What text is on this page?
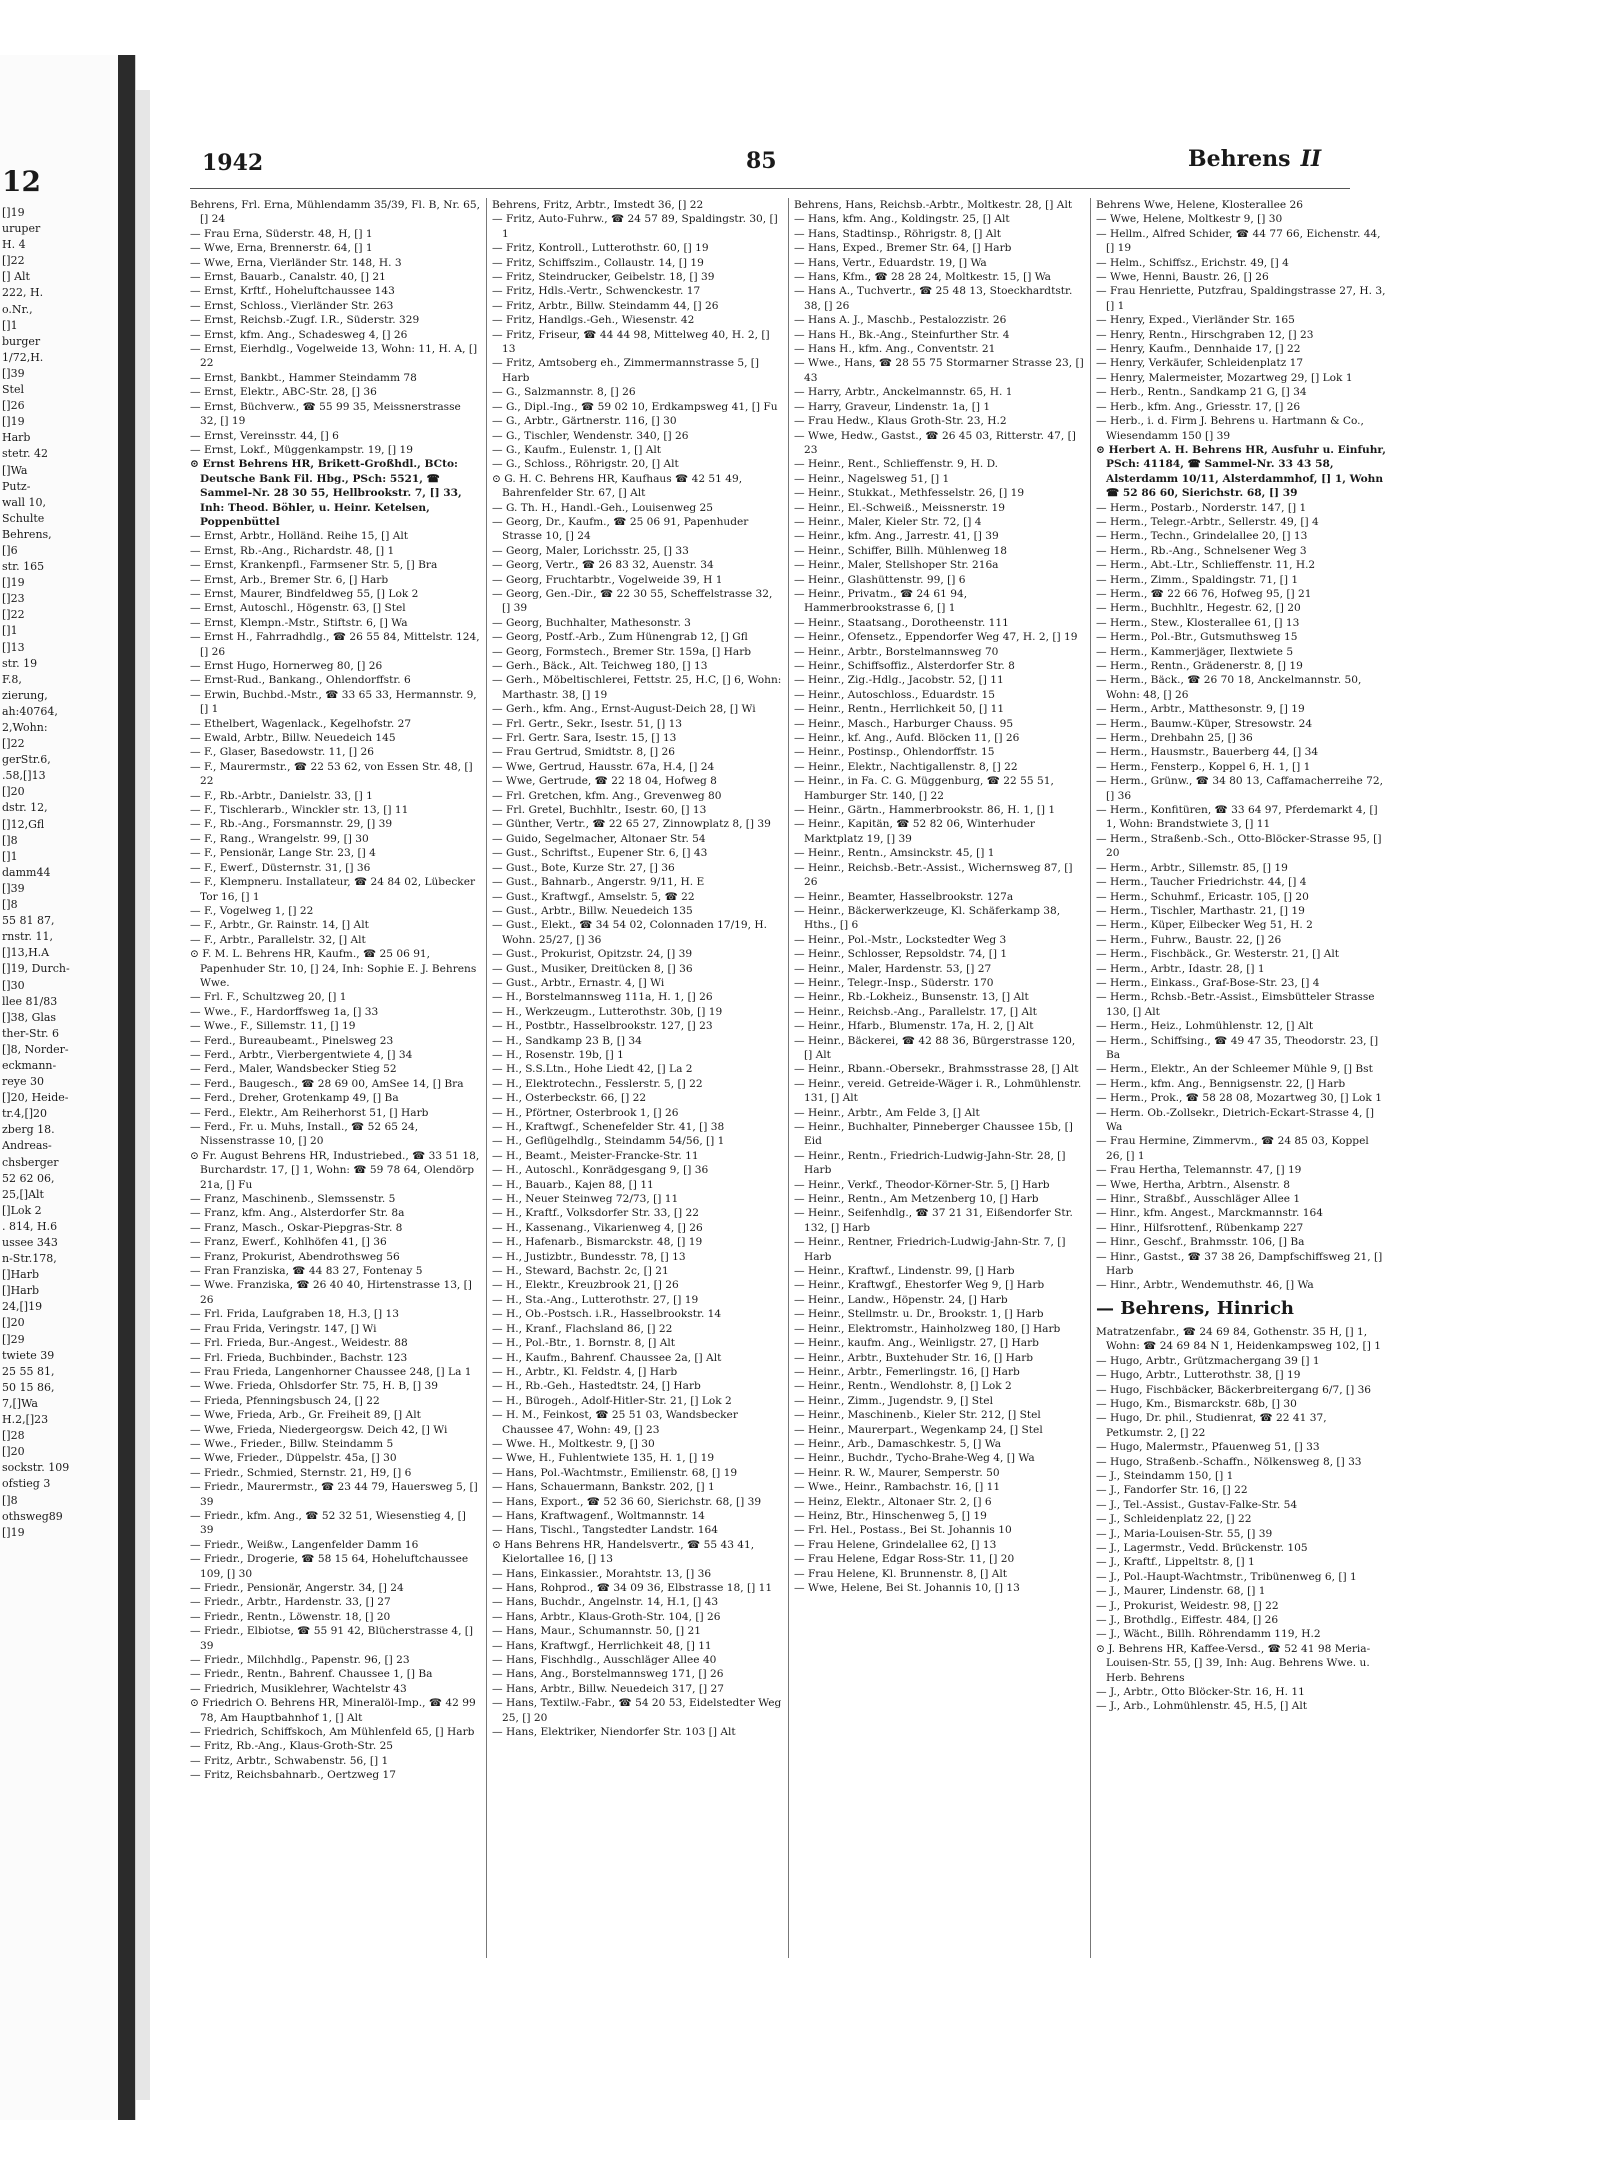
12
[]19
uruper
H. 4
[]22
[] Alt
222, H.
o.Nr.,
[]1
burger
1/72,H.
[]39
Stel
[]26
[]19
Harb
stetr. 42
[]Wa
Putz-
wall 10,
Schulte
Behrens,
[]6
str. 165
[]19
[]23
[]22
[]1
[]13
str. 19
F.8,
zierung,
ah:40764,
2,Wohn:
[]22
gerStr.6,
.58,[]13
[]20
dstr. 12,
[]12,Gfl
[]8
[]1
damm44
[]39
[]8
55 81 87,
rnstr. 11,
[]13,H.A
[]19, Durch-
[]30
llee 81/83
[]38, Glas
ther-Str. 6
[]8, Norder-
eckmann-
reye 30
[]20, Heide-
tr.4,[]20
zberg 18.
Andreas-
chsberger
52 62 06,
25,[]Alt
[]Lok 2
. 814, H.6
ussee 343
n-Str.178,
[]Harb
[]Harb
24,[]19
[]20
[]29
twiete 39
25 55 81,
50 15 86,
7,[]Wa
H.2,[]23
[]28
[]20
sockstr. 109
ofstieg 3
[]8
othsweg89
[]19
1942	85	Behrens II
Behrens, Frl. Erna, Mühlendamm 35/39, Fl. B, Nr. 65, [] 24
— Frau Erna, Süderstr. 48, H, [] 1
— Wwe, Erna, Brennerstr. 64, [] 1
— Wwe, Erna, Vierländer Str. 148, H. 3
— Ernst, Bauarb., Canalstr. 40, [] 21
— Ernst, Krftf., Hoheluftchaussee 143
— Ernst, Schloss., Vierländer Str. 263
— Ernst, Reichsb.-Zugf. I.R., Süderstr. 329
— Ernst, kfm. Ang., Schadesweg 4, [] 26
— Ernst, Eierhdlg., Vogelweide 13, Wohn: 11, H. A, [] 22
— Ernst, Bankbt., Hammer Steindamm 78
— Ernst, Elektr., ABC-Str. 28, [] 36
— Ernst, Büchverw., ☎ 55 99 35, Meissnerstrasse 32, [] 19
— Ernst, Vereinsstr. 44, [] 6
— Ernst, Lokf., Müggenkampstr. 19, [] 19
⊙ Ernst Behrens HR, Brikett-Großhdl., BCto: Deutsche Bank Fil. Hbg., PSch: 5521, ☎ Sammel-Nr. 28 30 55, Hellbrookstr. 7, [] 33, Inh: Theod. Böhler, u. Heinr. Ketelsen, Poppenbüttel
— Ernst, Arbtr., Holländ. Reihe 15, [] Alt
— Ernst, Rb.-Ang., Richardstr. 48, [] 1
— Ernst, Krankenpfl., Farmsener Str. 5, [] Bra
— Ernst, Arb., Bremer Str. 6, [] Harb
— Ernst, Maurer, Bindfeldweg 55, [] Lok 2
— Ernst, Autoschl., Högenstr. 63, [] Stel
— Ernst, Klempn.-Mstr., Stiftstr. 6, [] Wa
— Ernst H., Fahrradhdlg., ☎ 26 55 84, Mittelstr. 124, [] 26
— Ernst Hugo, Hornerweg 80, [] 26
— Ernst-Rud., Bankang., Ohlendorffstr. 6
— Erwin, Buchbd.-Mstr., ☎ 33 65 33, Hermannstr. 9, [] 1
— Ethelbert, Wagenlack., Kegelhofstr. 27
— Ewald, Arbtr., Billw. Neuedeich 145
— F., Glaser, Basedowstr. 11, [] 26
— F., Maurermstr., ☎ 22 53 62, von Essen Str. 48, [] 22
— F., Rb.-Arbtr., Danielstr. 33, [] 1
— F., Tischlerarb., Winckler str. 13, [] 11
— F., Rb.-Ang., Forsmannstr. 29, [] 39
— F., Rang., Wrangelstr. 99, [] 30
— F., Pensionär, Lange Str. 23, [] 4
— F., Ewerf., Düsternstr. 31, [] 36
— F., Klempneru. Installateur, ☎ 24 84 02, Lübecker Tor 16, [] 1
— F., Vogelweg 1, [] 22
— F., Arbtr., Gr. Rainstr. 14, [] Alt
— F., Arbtr., Parallelstr. 32, [] Alt
⊙ F. M. L. Behrens HR, Kaufm., ☎ 25 06 91, Papenhuder Str. 10, [] 24, Inh: Sophie E. J. Behrens Wwe.
— Frl. F., Schultzweg 20, [] 1
— Wwe., F., Hardorffsweg 1a, [] 33
— Wwe., F., Sillemstr. 11, [] 19
— Ferd., Bureaubeamt., Pinelsweg 23
— Ferd., Arbtr., Vierbergentwiete 4, [] 34
— Ferd., Maler, Wandsbecker Stieg 52
— Ferd., Baugesch., ☎ 28 69 00, AmSee 14, [] Bra
— Ferd., Dreher, Grotenkamp 49, [] Ba
— Ferd., Elektr., Am Reiherhorst 51, [] Harb
— Ferd., Fr. u. Muhs, Install., ☎ 52 65 24, Nissenstrasse 10, [] 20
⊙ Fr. August Behrens HR, Industriebed., ☎ 33 51 18, Burchardstr. 17, [] 1, Wohn: ☎ 59 78 64, Olendörp 21a, [] Fu
— Franz, Maschinenb., Slemssenstr. 5
— Franz, kfm. Ang., Alsterdorfer Str. 8a
— Franz, Masch., Oskar-Piepgras-Str. 8
— Franz, Ewerf., Kohlhöfen 41, [] 36
— Franz, Prokurist, Abendrothsweg 56
— Fran Franziska, ☎ 44 83 27, Fontenay 5
— Wwe. Franziska, ☎ 26 40 40, Hirtenstrasse 13, [] 26
— Frl. Frida, Laufgraben 18, H.3, [] 13
— Frau Frida, Veringstr. 147, [] Wi
— Frl. Frieda, Bur.-Angest., Weidestr. 88
— Frl. Frieda, Buchbinder., Bachstr. 123
— Frau Frieda, Langenhorner Chaussee 248, [] La 1
— Wwe. Frieda, Ohlsdorfer Str. 75, H. B, [] 39
— Frieda, Pfenningsbusch 24, [] 22
— Wwe, Frieda, Arb., Gr. Freiheit 89, [] Alt
— Wwe, Frieda, Niedergeorgsw. Deich 42, [] Wi
— Wwe., Frieder., Billw. Steindamm 5
— Wwe, Frieder., Düppelstr. 45a, [] 30
— Friedr., Schmied, Sternstr. 21, H9, [] 6
— Friedr., Maurermstr., ☎ 23 44 79, Hauersweg 5, [] 39
— Friedr., kfm. Ang., ☎ 52 32 51, Wiesenstieg 4, [] 39
— Friedr., Weißw., Langenfelder Damm 16
— Friedr., Drogerie, ☎ 58 15 64, Hoheluftchaussee 109, [] 30
— Friedr., Pensionär, Angerstr. 34, [] 24
— Friedr., Arbtr., Hardenstr. 33, [] 27
— Friedr., Rentn., Löwenstr. 18, [] 20
— Friedr., Elbiotse, ☎ 55 91 42, Blücherstrasse 4, [] 39
— Friedr., Milchhdlg., Papenstr. 96, [] 23
— Friedr., Rentn., Bahrenf. Chaussee 1, [] Ba
— Friedrich, Musiklehrer, Wachtelstr 43
⊙ Friedrich O. Behrens HR, Mineralöl-Imp., ☎ 42 99 78, Am Hauptbahnhof 1, [] Alt
— Friedrich, Schiffskoch, Am Mühlenfeld 65, [] Harb
— Fritz, Rb.-Ang., Klaus-Groth-Str. 25
— Fritz, Arbtr., Schwabenstr. 56, [] 1
— Fritz, Reichsbahnarb., Oertzweg 17
Behrens, Fritz, Arbtr., Imstedt 36, [] 22
— Fritz, Auto-Fuhrw., ☎ 24 57 89, Spaldingstr. 30, [] 1
— Fritz, Kontroll., Lutterothstr. 60, [] 19
— Fritz, Schiffszim., Collaustr. 14, [] 19
— Fritz, Steindrucker, Geibelstr. 18, [] 39
— Fritz, Hdls.-Vertr., Schwenckestr. 17
— Fritz, Arbtr., Billw. Steindamm 44, [] 26
— Fritz, Handlgs.-Geh., Wiesenstr. 42
— Fritz, Friseur, ☎ 44 44 98, Mittelweg 40, H. 2, [] 13
— Fritz, Amtsoberg eh., Zimmermannstrasse 5, [] Harb
— G., Salzmannstr. 8, [] 26
— G., Dipl.-Ing., ☎ 59 02 10, Erdkampsweg 41, [] Fu
— G., Arbtr., Gärtnerstr. 116, [] 30
— G., Tischler, Wendenstr. 340, [] 26
— G., Kaufm., Eulenstr. 1, [] Alt
— G., Schloss., Röhrigstr. 20, [] Alt
⊙ G. H. C. Behrens HR, Kaufhaus ☎ 42 51 49, Bahrenfelder Str. 67, [] Alt
— G. Th. H., Handl.-Geh., Louisenweg 25
— Georg, Dr., Kaufm., ☎ 25 06 91, Papenhuder Strasse 10, [] 24
— Georg, Maler, Lorichsstr. 25, [] 33
— Georg, Vertr., ☎ 26 83 32, Auenstr. 34
— Georg, Fruchtarbtr., Vogelweide 39, H 1
— Georg, Gen.-Dir., ☎ 22 30 55, Scheffelstrasse 32, [] 39
— Georg, Buchhalter, Mathesonstr. 3
— Georg, Postf.-Arb., Zum Hünengrab 12, [] Gfl
— Georg, Formstech., Bremer Str. 159a, [] Harb
— Gerh., Bäck., Alt. Teichweg 180, [] 13
— Gerh., Möbeltischlerei, Fettstr. 25, H.C, [] 6, Wohn: Marthastr. 38, [] 19
— Gerh., kfm. Ang., Ernst-August-Deich 28, [] Wi
— Frl. Gertr., Sekr., Isestr. 51, [] 13
— Frl. Gertr. Sara, Isestr. 15, [] 13
— Frau Gertrud, Smidtstr. 8, [] 26
— Wwe, Gertrud, Hausstr. 67a, H.4, [] 24
— Wwe, Gertrude, ☎ 22 18 04, Hofweg 8
— Frl. Gretchen, kfm. Ang., Grevenweg 80
— Frl. Gretel, Buchhltr., Isestr. 60, [] 13
— Günther, Vertr., ☎ 22 65 27, Zinnowplatz 8, [] 39
— Guido, Segelmacher, Altonaer Str. 54
— Gust., Schriftst., Eupener Str. 6, [] 43
— Gust., Bote, Kurze Str. 27, [] 36
— Gust., Bahnarb., Angerstr. 9/11, H. E
— Gust., Kraftwgf., Amselstr. 5, ☎ 22
— Gust., Arbtr., Billw. Neuedeich 135
— Gust., Elekt., ☎ 34 54 02, Colonnaden 17/19, H. Wohn. 25/27, [] 36
— Gust., Prokurist, Opitzstr. 24, [] 39
— Gust., Musiker, Dreitücken 8, [] 36
— Gust., Arbtr., Ernastr. 4, [] Wi
— H., Borstelmannsweg 111a, H. 1, [] 26
— H., Werkzeugm., Lutterothstr. 30b, [] 19
— H., Postbtr., Hasselbrookstr. 127, [] 23
— H., Sandkamp 23 B, [] 34
— H., Rosenstr. 19b, [] 1
— H., S.S.Ltn., Hohe Liedt 42, [] La 2
— H., Elektrotechn., Fesslerstr. 5, [] 22
— H., Osterbeckstr. 66, [] 22
— H., Pförtner, Osterbrook 1, [] 26
— H., Kraftwgf., Schenefelder Str. 41, [] 38
— H., Geflügelhdlg., Steindamm 54/56, [] 1
— H., Beamt., Meister-Francke-Str. 11
— H., Autoschl., Konrädgesgang 9, [] 36
— H., Bauarb., Kajen 88, [] 11
— H., Neuer Steinweg 72/73, [] 11
— H., Kraftf., Volksdorfer Str. 33, [] 22
— H., Kassenang., Vikarienweg 4, [] 26
— H., Hafenarb., Bismarckstr. 48, [] 19
— H., Justizbtr., Bundesstr. 78, [] 13
— H., Steward, Bachstr. 2c, [] 21
— H., Elektr., Kreuzbrook 21, [] 26
— H., Sta.-Ang., Lutterothstr. 27, [] 19
— H., Ob.-Postsch. i.R., Hasselbrookstr. 14
— H., Kranf., Flachsland 86, [] 22
— H., Pol.-Btr., 1. Bornstr. 8, [] Alt
— H., Kaufm., Bahrenf. Chaussee 2a, [] Alt
— H., Arbtr., Kl. Feldstr. 4, [] Harb
— H., Rb.-Geh., Hastedtstr. 24, [] Harb
— H., Bürogeh., Adolf-Hitler-Str. 21, [] Lok 2
— H. M., Feinkost, ☎ 25 51 03, Wandsbecker Chaussee 47, Wohn: 49, [] 23
— Wwe. H., Moltkestr. 9, [] 30
— Wwe, H., Fuhlentwiete 135, H. 1, [] 19
— Hans, Pol.-Wachtmstr., Emilienstr. 68, [] 19
— Hans, Schauermann, Bankstr. 202, [] 1
— Hans, Export., ☎ 52 36 60, Sierichstr. 68, [] 39
— Hans, Kraftwagenf., Woltmannstr. 14
— Hans, Tischl., Tangstedter Landstr. 164
⊙ Hans Behrens HR, Handelsvertr., ☎ 55 43 41, Kielortallee 16, [] 13
— Hans, Einkassier., Morahtstr. 13, [] 36
— Hans, Rohprod., ☎ 34 09 36, Elbstrasse 18, [] 11
— Hans, Buchdr., Angelnstr. 14, H.1, [] 43
— Hans, Arbtr., Klaus-Groth-Str. 104, [] 26
— Hans, Maur., Schumannstr. 50, [] 21
— Hans, Kraftwgf., Herrlichkeit 48, [] 11
— Hans, Fischhdlg., Ausschläger Allee 40
— Hans, Ang., Borstelmannsweg 171, [] 26
— Hans, Arbtr., Billw. Neuedeich 317, [] 27
— Hans, Textilw.-Fabr., ☎ 54 20 53, Eidelstedter Weg 25, [] 20
— Hans, Elektriker, Niendorfer Str. 103 [] Alt
Behrens, Hans, Reichsb.-Arbtr., Moltkestr. 28, [] Alt
— Hans, kfm. Ang., Koldingstr. 25, [] Alt
— Hans, Stadtinsp., Röhrigstr. 8, [] Alt
— Hans, Exped., Bremer Str. 64, [] Harb
— Hans, Vertr., Eduardstr. 19, [] Wa
— Hans, Kfm., ☎ 28 28 24, Moltkestr. 15, [] Wa
— Hans A., Tuchvertr., ☎ 25 48 13, Stoeckhardtstr. 38, [] 26
— Hans A. J., Maschb., Pestalozzistr. 26
— Hans H., Bk.-Ang., Steinfurther Str. 4
— Hans H., kfm. Ang., Conventstr. 21
— Wwe., Hans, ☎ 28 55 75 Stormarner Strasse 23, [] 43
— Harry, Arbtr., Anckelmannstr. 65, H. 1
— Harry, Graveur, Lindenstr. 1a, [] 1
— Frau Hedw., Klaus Groth-Str. 23, H.2
— Wwe, Hedw., Gastst., ☎ 26 45 03, Ritterstr. 47, [] 23
— Heinr., Rent., Schlieffenstr. 9, H. D.
— Heinr., Nagelsweg 51, [] 1
— Heinr., Stukkat., Methfesselstr. 26, [] 19
— Heinr., El.-Schweiß., Meissnerstr. 19
— Heinr., Maler, Kieler Str. 72, [] 4
— Heinr., kfm. Ang., Jarrestr. 41, [] 39
— Heinr., Schiffer, Billh. Mühlenweg 18
— Heinr., Maler, Stellshoper Str. 216a
— Heinr., Glashüttenstr. 99, [] 6
— Heinr., Privatm., ☎ 24 61 94, Hammerbrookstrasse 6, [] 1
— Heinr., Staatsang., Dorotheenstr. 111
— Heinr., Ofensetz., Eppendorfer Weg 47, H. 2, [] 19
— Heinr., Arbtr., Borstelmannsweg 70
— Heinr., Schiffsoffiz., Alsterdorfer Str. 8
— Heinr., Zig.-Hdlg., Jacobstr. 52, [] 11
— Heinr., Autoschloss., Eduardstr. 15
— Heinr., Rentn., Herrlichkeit 50, [] 11
— Heinr., Masch., Harburger Chauss. 95
— Heinr., kf. Ang., Aufd. Blöcken 11, [] 26
— Heinr., Postinsp., Ohlendorffstr. 15
— Heinr., Elektr., Nachtigallenstr. 8, [] 22
— Heinr., in Fa. C. G. Müggenburg, ☎ 22 55 51, Hamburger Str. 140, [] 22
— Heinr., Gärtn., Hammerbrookstr. 86, H. 1, [] 1
— Heinr., Kapitän, ☎ 52 82 06, Winterhuder Marktplatz 19, [] 39
— Heinr., Rentn., Amsinckstr. 45, [] 1
— Heinr., Reichsb.-Betr.-Assist., Wichernsweg 87, [] 26
— Heinr., Beamter, Hasselbrookstr. 127a
— Heinr., Bäckerwerkzeuge, Kl. Schäferkamp 38, Hths., [] 6
— Heinr., Pol.-Mstr., Lockstedter Weg 3
— Heinr., Schlosser, Repsoldstr. 74, [] 1
— Heinr., Maler, Hardenstr. 53, [] 27
— Heinr., Telegr.-Insp., Süderstr. 170
— Heinr., Rb.-Lokheiz., Bunsenstr. 13, [] Alt
— Heinr., Reichsb.-Ang., Parallelstr. 17, [] Alt
— Heinr., Hfarb., Blumenstr. 17a, H. 2, [] Alt
— Heinr., Bäckerei, ☎ 42 88 36, Bürgerstrasse 120, [] Alt
— Heinr., Rbann.-Obersekr., Brahmsstrasse 28, [] Alt
— Heinr., vereid. Getreide-Wäger i. R., Lohmühlenstr. 131, [] Alt
— Heinr., Arbtr., Am Felde 3, [] Alt
— Heinr., Buchhalter, Pinneberger Chaussee 15b, [] Eid
— Heinr., Rentn., Friedrich-Ludwig-Jahn-Str. 28, [] Harb
— Heinr., Verkf., Theodor-Körner-Str. 5, [] Harb
— Heinr., Rentn., Am Metzenberg 10, [] Harb
— Heinr., Seifenhdlg., ☎ 37 21 31, Eißendorfer Str. 132, [] Harb
— Heinr., Rentner, Friedrich-Ludwig-Jahn-Str. 7, [] Harb
— Heinr., Kraftwf., Lindenstr. 99, [] Harb
— Heinr., Kraftwgf., Ehestorfer Weg 9, [] Harb
— Heinr., Landw., Höpenstr. 24, [] Harb
— Heinr., Stellmstr. u. Dr., Brookstr. 1, [] Harb
— Heinr., Elektromstr., Hainholzweg 180, [] Harb
— Heinr., kaufm. Ang., Weinligstr. 27, [] Harb
— Heinr., Arbtr., Buxtehuder Str. 16, [] Harb
— Heinr., Arbtr., Femerlingstr. 16, [] Harb
— Heinr., Rentn., Wendlohstr. 8, [] Lok 2
— Heinr., Zimm., Jugendstr. 9, [] Stel
— Heinr., Maschinenb., Kieler Str. 212, [] Stel
— Heinr., Maurerpart., Wegenkamp 24, [] Stel
— Heinr., Arb., Damaschkestr. 5, [] Wa
— Heinr., Buchdr., Tycho-Brahe-Weg 4, [] Wa
— Heinr. R. W., Maurer, Semperstr. 50
— Wwe., Heinr., Rambachstr. 16, [] 11
— Heinz, Elektr., Altonaer Str. 2, [] 6
— Heinz, Btr., Hinschenweg 5, [] 19
— Frl. Hel., Postass., Bei St. Johannis 10
— Frau Helene, Grindelallee 62, [] 13
— Frau Helene, Edgar Ross-Str. 11, [] 20
— Frau Helene, Kl. Brunnenstr. 8, [] Alt
— Wwe, Helene, Bei St. Johannis 10, [] 13
Behrens Wwe, Helene, Klosterallee 26
— Wwe, Helene, Moltkestr 9, [] 30
— Hellm., Alfred Schider, ☎ 44 77 66, Eichenstr. 44, [] 19
— Helm., Schiffsz., Erichstr. 49, [] 4
— Wwe, Henni, Baustr. 26, [] 26
— Frau Henriette, Putzfrau, Spaldingstrasse 27, H. 3, [] 1
— Henry, Exped., Vierländer Str. 165
— Henry, Rentn., Hirschgraben 12, [] 23
— Henry, Kaufm., Dennhaide 17, [] 22
— Henry, Verkäufer, Schleidenplatz 17
— Henry, Malermeister, Mozartweg 29, [] Lok 1
— Herb., Rentn., Sandkamp 21 G, [] 34
— Herb., kfm. Ang., Griesstr. 17, [] 26
— Herb., i. d. Firm J. Behrens u. Hartmann & Co., Wiesendamm 150 [] 39
⊙ Herbert A. H. Behrens HR, Ausfuhr u. Einfuhr, PSch: 41184, ☎ Sammel-Nr. 33 43 58, Alsterdamm 10/11, Alsterdammhof, [] 1, Wohn ☎ 52 86 60, Sierichstr. 68, [] 39
— Herm., Postarb., Norderstr. 147, [] 1
— Herm., Telegr.-Arbtr., Sellerstr. 49, [] 4
— Herm., Techn., Grindelallee 20, [] 13
— Herm., Rb.-Ang., Schnelsener Weg 3
— Herm., Abt.-Ltr., Schlieffenstr. 11, H.2
— Herm., Zimm., Spaldingstr. 71, [] 1
— Herm., ☎ 22 66 76, Hofweg 95, [] 21
— Herm., Buchhltr., Hegestr. 62, [] 20
— Herm., Stew., Klosterallee 61, [] 13
— Herm., Pol.-Btr., Gutsmuthsweg 15
— Herm., Kammerjäger, Ilextwiete 5
— Herm., Rentn., Grädenerstr. 8, [] 19
— Herm., Bäck., ☎ 26 70 18, Anckelmannstr. 50, Wohn: 48, [] 26
— Herm., Arbtr., Matthesonstr. 9, [] 19
— Herm., Baumw.-Küper, Stresowstr. 24
— Herm., Drehbahn 25, [] 36
— Herm., Hausmstr., Bauerberg 44, [] 34
— Herm., Fensterp., Koppel 6, H. 1, [] 1
— Herm., Grünw., ☎ 34 80 13, Caffamacherreihe 72, [] 36
— Herm., Konfitüren, ☎ 33 64 97, Pferdemarkt 4, [] 1, Wohn: Brandstwiete 3, [] 11
— Herm., Straßenb.-Sch., Otto-Blöcker-Strasse 95, [] 20
— Herm., Arbtr., Sillemstr. 85, [] 19
— Herm., Taucher Friedrichstr. 44, [] 4
— Herm., Schuhmf., Ericastr. 105, [] 20
— Herm., Tischler, Marthastr. 21, [] 19
— Herm., Küper, Eilbecker Weg 51, H. 2
— Herm., Fuhrw., Baustr. 22, [] 26
— Herm., Fischbäck., Gr. Westerstr. 21, [] Alt
— Herm., Arbtr., Idastr. 28, [] 1
— Herm., Einkass., Graf-Bose-Str. 23, [] 4
— Herm., Rchsb.-Betr.-Assist., Eimsbütteler Strasse 130, [] Alt
— Herm., Heiz., Lohmühlenstr. 12, [] Alt
— Herm., Schiffsing., ☎ 49 47 35, Theodorstr. 23, [] Ba
— Herm., Elektr., An der Schleemer Mühle 9, [] Bst
— Herm., kfm. Ang., Bennigsenstr. 22, [] Harb
— Herm., Prok., ☎ 58 28 08, Mozartweg 30, [] Lok 1
— Herm. Ob.-Zollsekr., Dietrich-Eckart-Strasse 4, [] Wa
— Frau Hermine, Zimmervm., ☎ 24 85 03, Koppel 26, [] 1
— Frau Hertha, Telemannstr. 47, [] 19
— Wwe, Hertha, Arbtrn., Alsenstr. 8
— Hinr., Straßbf., Ausschläger Allee 1
— Hinr., kfm. Angest., Marckmannstr. 164
— Hinr., Hilfsrottenf., Rübenkamp 227
— Hinr., Geschf., Brahmsstr. 106, [] Ba
— Hinr., Gastst., ☎ 37 38 26, Dampfschiffsweg 21, [] Harb
— Hinr., Arbtr., Wendemuthstr. 46, [] Wa
— Behrens, Hinrich
Matratzenfabr., ☎ 24 69 84, Gothenstr. 35 H, [] 1, Wohn: ☎ 24 69 84 N 1, Heidenkampsweg 102, [] 1
— Hugo, Arbtr., Grützmachergang 39 [] 1
— Hugo, Arbtr., Lutterothstr. 38, [] 19
— Hugo, Fischbäcker, Bäckerbreitergang 6/7, [] 36
— Hugo, Km., Bismarckstr. 68b, [] 30
— Hugo, Dr. phil., Studienrat, ☎ 22 41 37, Petkumstr. 2, [] 22
— Hugo, Malermstr., Pfauenweg 51, [] 33
— Hugo, Straßenb.-Schaffn., Nölkensweg 8, [] 33
— J., Steindamm 150, [] 1
— J., Fandorfer Str. 16, [] 22
— J., Tel.-Assist., Gustav-Falke-Str. 54
— J., Schleidenplatz 22, [] 22
— J., Maria-Louisen-Str. 55, [] 39
— J., Lagermstr., Vedd. Brückenstr. 105
— J., Kraftf., Lippeltstr. 8, [] 1
— J., Pol.-Haupt-Wachtmstr., Tribünenweg 6, [] 1
— J., Maurer, Lindenstr. 68, [] 1
— J., Prokurist, Weidestr. 98, [] 22
— J., Brothdlg., Eiffestr. 484, [] 26
— J., Wächt., Billh. Röhrendamm 119, H.2
⊙ J. Behrens HR, Kaffee-Versd., ☎ 52 41 98 Meria-Louisen-Str. 55, [] 39, Inh: Aug. Behrens Wwe. u. Herb. Behrens
— J., Arbtr., Otto Blöcker-Str. 16, H. 11
— J., Arb., Lohmühlenstr. 45, H.5, [] Alt
